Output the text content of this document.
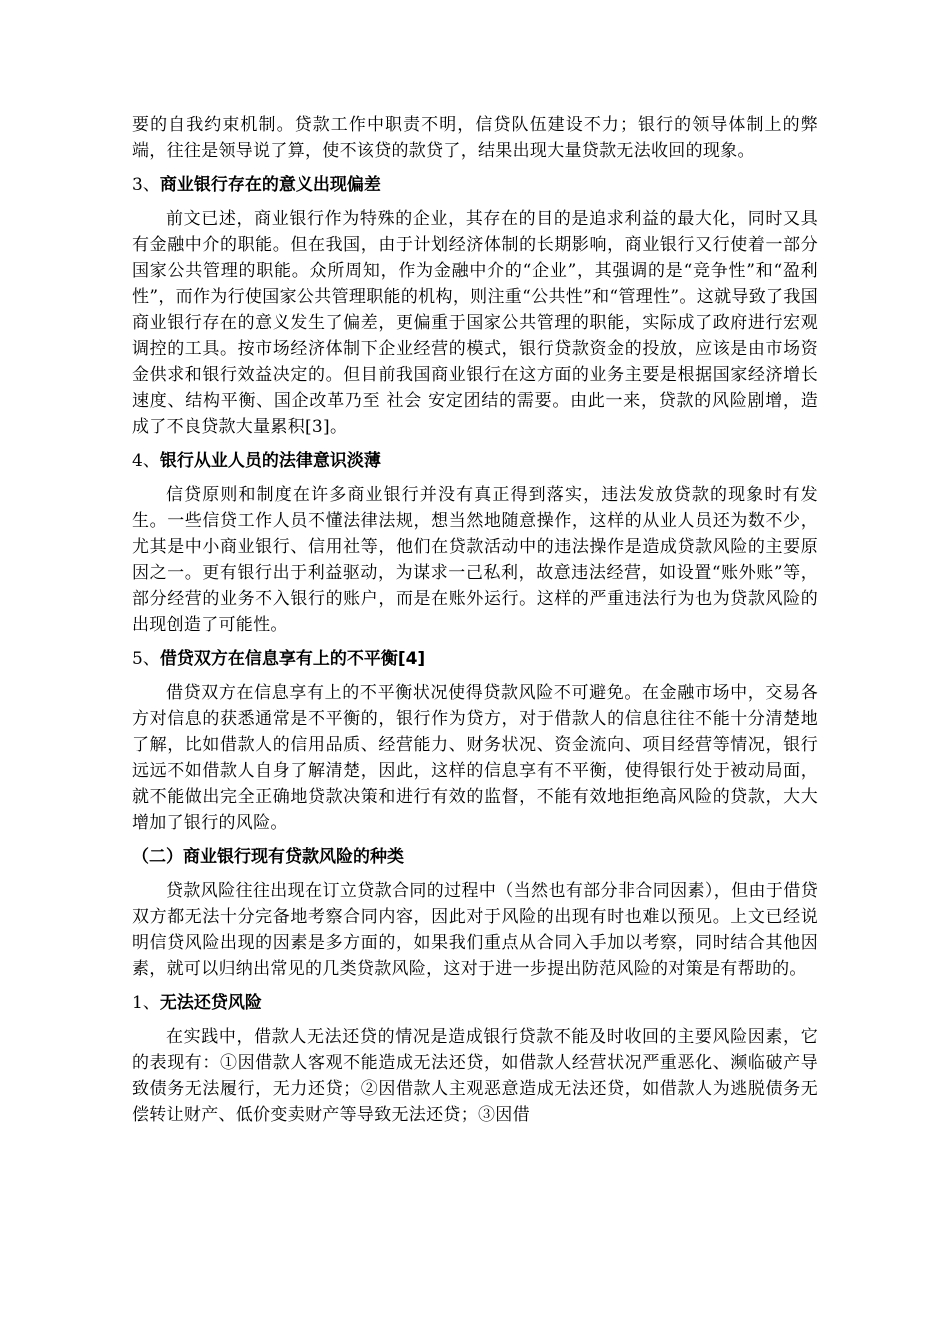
要的自我约束机制。贷款工作中职责不明，信贷队伍建设不力；银行的领导体制上的弊端，往往是领导说了算，使不该贷的款贷了，结果出现大量贷款无法收回的现象。

3、商业银行存在的意义出现偏差

前文已述，商业银行作为特殊的企业，其存在的目的是追求利益的最大化，同时又具有金融中介的职能。但在我国，由于计划经济体制的长期影响，商业银行又行使着一部分国家公共管理的职能。众所周知，作为金融中介的“企业”，其强调的是“竞争性”和“盈利性”，而作为行使国家公共管理职能的机构，则注重“公共性”和“管理性”。这就导致了我国商业银行存在的意义发生了偏差，更偏重于国家公共管理的职能，实际成了政府进行宏观调控的工具。按市场经济体制下企业经营的模式，银行贷款资金的投放，应该是由市场资金供求和银行效益决定的。但目前我国商业银行在这方面的业务主要是根据国家经济增长速度、结构平衡、国企改革乃至 社会 安定团结的需要。由此一来，贷款的风险剧增，造成了不良贷款大量累积[3]。

4、银行从业人员的法律意识淡薄

信贷原则和制度在许多商业银行并没有真正得到落实，违法发放贷款的现象时有发生。一些信贷工作人员不懂法律法规，想当然地随意操作，这样的从业人员还为数不少，尤其是中小商业银行、信用社等，他们在贷款活动中的违法操作是造成贷款风险的主要原因之一。更有银行出于利益驱动，为谋求一己私利，故意违法经营，如设置“账外账”等，部分经营的业务不入银行的账户，而是在账外运行。这样的严重违法行为也为贷款风险的出现创造了可能性。

5、借贷双方在信息享有上的不平衡[4]

借贷双方在信息享有上的不平衡状况使得贷款风险不可避免。在金融市场中，交易各方对信息的获悉通常是不平衡的，银行作为贷方，对于借款人的信息往往不能十分清楚地了解，比如借款人的信用品质、经营能力、财务状况、资金流向、项目经营等情况，银行远远不如借款人自身了解清楚，因此，这样的信息享有不平衡，使得银行处于被动局面，就不能做出完全正确地贷款决策和进行有效的监督，不能有效地拒绝高风险的贷款，大大增加了银行的风险。

（二）商业银行现有贷款风险的种类

贷款风险往往出现在订立贷款合同的过程中（当然也有部分非合同因素），但由于借贷双方都无法十分完备地考察合同内容，因此对于风险的出现有时也难以预见。上文已经说明信贷风险出现的因素是多方面的，如果我们重点从合同入手加以考察，同时结合其他因素，就可以归纳出常见的几类贷款风险，这对于进一步提出防范风险的对策是有帮助的。

1、无法还贷风险

在实践中，借款人无法还贷的情况是造成银行贷款不能及时收回的主要风险因素，它的表现有：①因借款人客观不能造成无法还贷，如借款人经营状况严重恶化、濒临破产导致债务无法履行，无力还贷；②因借款人主观恶意造成无法还贷，如借款人为逃脱债务无偿转让财产、低价变卖财产等导致无法还贷；③因借
